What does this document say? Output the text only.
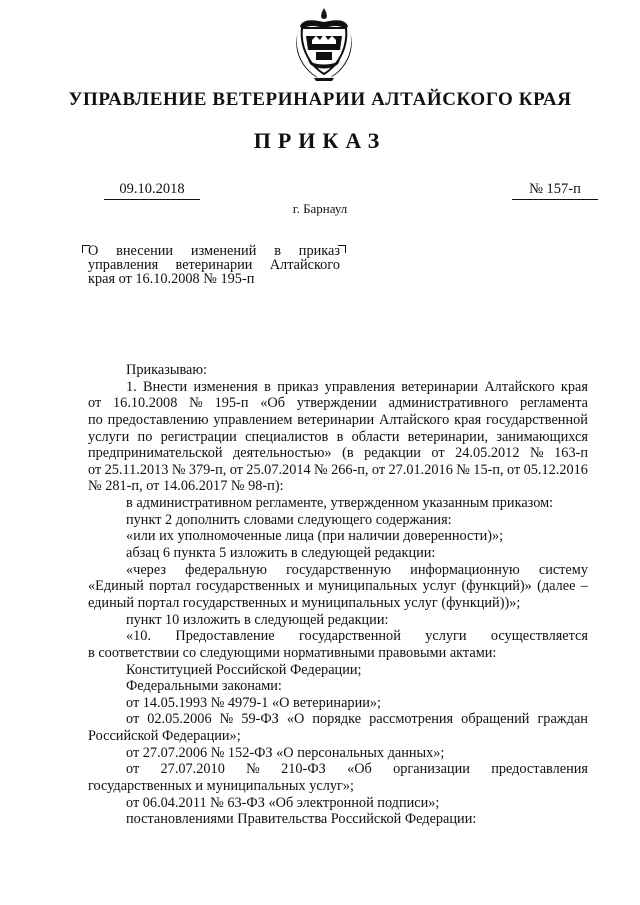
УПРАВЛЕНИЕ ВЕТЕРИНАРИИ АЛТАЙСКОГО КРАЯ
ПРИКАЗ
09.10.2018	№ 157-п
г. Барнаул
О внесении изменений в приказ
управления ветеринарии Алтайского
края от 16.10.2008 № 195-п
Приказываю:
1. Внести изменения в приказ управления ветеринарии Алтайского края
от 16.10.2008 № 195-п «Об утверждении административного регламента
по предоставлению управлением ветеринарии Алтайского края государственной
услуги по регистрации специалистов в области ветеринарии, занимающихся
предпринимательской деятельностью» (в редакции от 24.05.2012 № 163-п
от 25.11.2013 № 379-п, от 25.07.2014 № 266-п, от 27.01.2016 № 15-п, от 05.12.2016
№ 281-п, от 14.06.2017 № 98-п):
в административном регламенте, утвержденном указанным приказом:
пункт 2 дополнить словами следующего содержания:
«или их уполномоченные лица (при наличии доверенности)»;
абзац 6 пункта 5 изложить в следующей редакции:
«через федеральную государственную информационную систему
«Единый портал государственных и муниципальных услуг (функций)» (далее –
единый портал государственных и муниципальных услуг (функций))»;
пункт 10 изложить в следующей редакции:
«10. Предоставление государственной услуги осуществляется
в соответствии со следующими нормативными правовыми актами:
Конституцией Российской Федерации;
Федеральными законами:
от 14.05.1993 № 4979-1 «О ветеринарии»;
от 02.05.2006 № 59-ФЗ «О порядке рассмотрения обращений граждан
Российской Федерации»;
от 27.07.2006 № 152-ФЗ «О персональных данных»;
от 27.07.2010 № 210-ФЗ «Об организации предоставления
государственных и муниципальных услуг»;
от 06.04.2011 № 63-ФЗ «Об электронной подписи»;
постановлениями Правительства Российской Федерации:
